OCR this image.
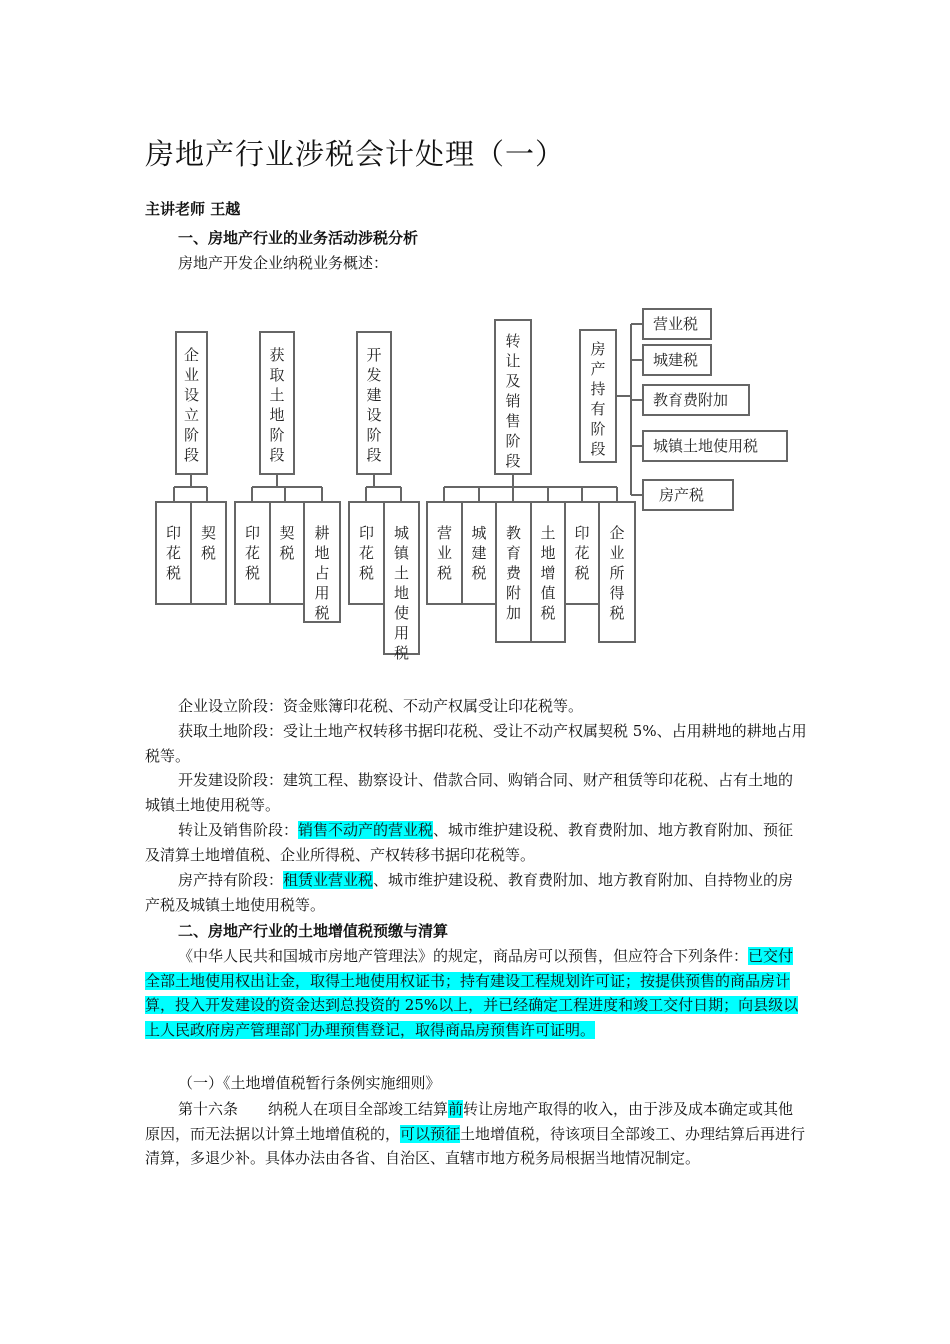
房地产行业涉税会计处理（一）
主讲老师 王越
一、房地产行业的业务活动涉税分析
房地产开发企业纳税业务概述：
企业设立阶段
获取土地阶段
开发建设阶段
转让及销售阶段
房产持有阶段
印花税
契税
印花税
契税
耕地占用税
印花税
城镇土地使用税
营业税
城建税
教育费附加
土地增值税
印花税
企业所得税
营业税
城建税
教育费附加
城镇土地使用税
房产税
企业设立阶段：资金账簿印花税、不动产权属受让印花税等。
获取土地阶段：受让土地产权转移书据印花税、受让不动产权属契税 5%、占用耕地的耕地占用税等。
开发建设阶段：建筑工程、勘察设计、借款合同、购销合同、财产租赁等印花税、占有土地的城镇土地使用税等。
转让及销售阶段：销售不动产的营业税、城市维护建设税、教育费附加、地方教育附加、预征及清算土地增值税、企业所得税、产权转移书据印花税等。
房产持有阶段：租赁业营业税、城市维护建设税、教育费附加、地方教育附加、自持物业的房产税及城镇土地使用税等。
二、房地产行业的土地增值税预缴与清算
《中华人民共和国城市房地产管理法》的规定，商品房可以预售，但应符合下列条件：已交付全部土地使用权出让金，取得土地使用权证书；持有建设工程规划许可证；按提供预售的商品房计算，投入开发建设的资金达到总投资的 25%以上，并已经确定工程进度和竣工交付日期；向县级以上人民政府房产管理部门办理预售登记，取得商品房预售许可证明。
（一）《土地增值税暂行条例实施细则》
第十六条　　纳税人在项目全部竣工结算前转让房地产取得的收入，由于涉及成本确定或其他原因，而无法据以计算土地增值税的，可以预征土地增值税，待该项目全部竣工、办理结算后再进行清算，多退少补。具体办法由各省、自治区、直辖市地方税务局根据当地情况制定。
